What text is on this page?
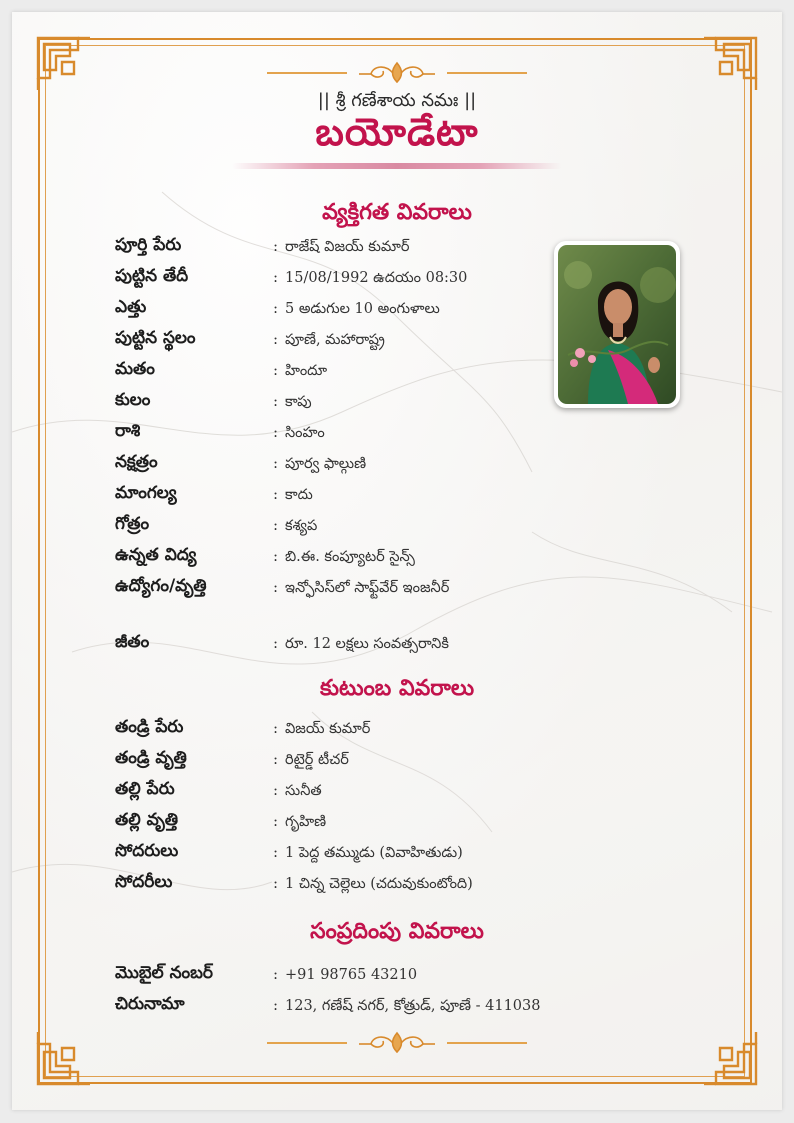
|| శ్రీ గణేశాయ నమః ||
బయోడేటా
వ్యక్తిగత వివరాలు
పూర్తి పేరు	: రాజేష్ విజయ్ కుమార్
పుట్టిన తేదీ	: 15/08/1992 ఉదయం 08:30
ఎత్తు	: 5 అడుగుల 10 అంగుళాలు
పుట్టిన స్థలం	: పూణే, మహారాష్ట్ర
మతం	: హిందూ
కులం	: కాపు
రాశి	: సింహం
నక్షత్రం	: పూర్వ ఫాల్గుణి
మాంగల్య	: కాదు
గోత్రం	: కశ్యప
ఉన్నత విద్య	: బి.ఈ. కంప్యూటర్ సైన్స్
ఉద్యోగం/వృత్తి	: ఇన్ఫోసిస్‌లో సాఫ్ట్‌వేర్ ఇంజనీర్
జీతం	: రూ. 12 లక్షలు సంవత్సరానికి
కుటుంబ వివరాలు
తండ్రి పేరు	: విజయ్ కుమార్
తండ్రి వృత్తి	: రిటైర్డ్ టీచర్
తల్లి పేరు	: సునీత
తల్లి వృత్తి	: గృహిణి
సోదరులు	: 1 పెద్ద తమ్ముడు (వివాహితుడు)
సోదరీలు	: 1 చిన్న చెల్లెలు (చదువుకుంటోంది)
సంప్రదింపు వివరాలు
మొబైల్ నంబర్	: +91 98765 43210
చిరునామా	: 123, గణేష్ నగర్, కోత్రుడ్, పూణే - 411038
